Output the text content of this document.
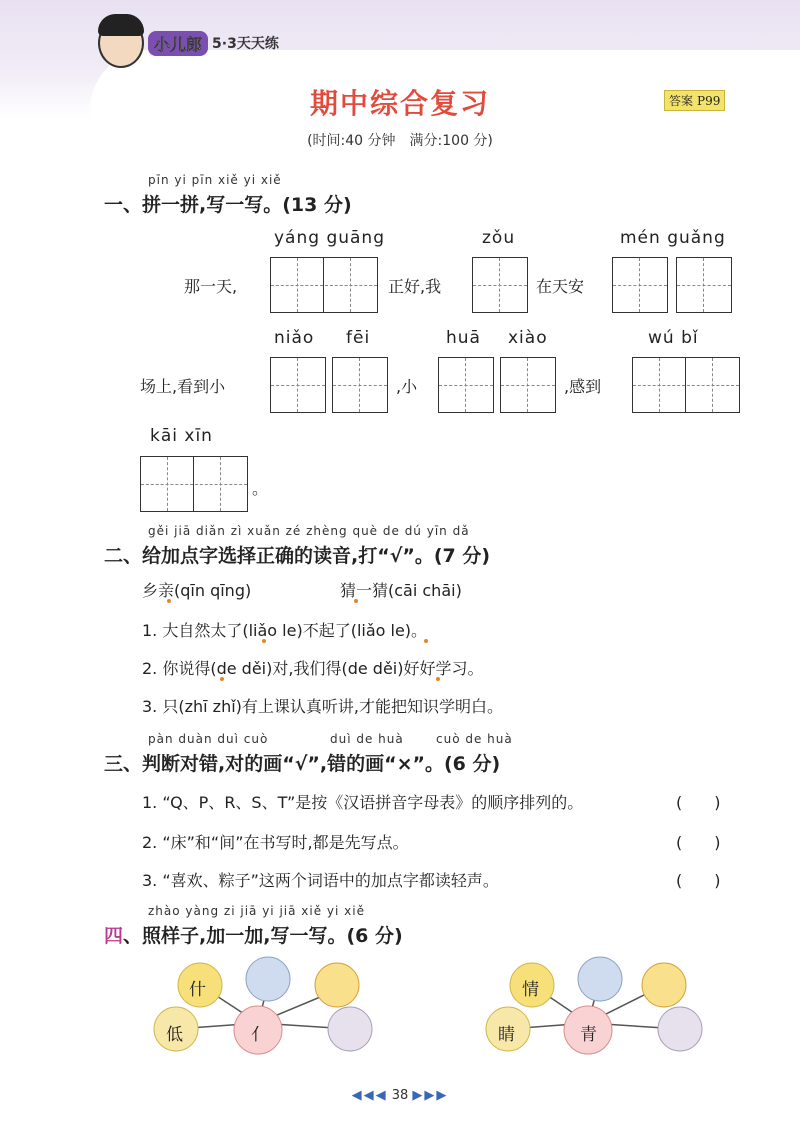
小儿郎 5·3天天练
期中综合复习	答案 P99
(时间:40 分钟　满分:100 分)
pīn yi pīn xiě yi xiě
一、拼一拼,写一写。(13 分)
yáng guāng	zǒu	mén guǎng
那一天,	正好,我	在天安
niǎo fēi	huā xiào	wú bǐ
场上,看到小	,小	,感到
kāi xīn
。
gěi jiā diǎn zì xuǎn zé zhèng què de dú yīn dǎ
二、给加点字选择正确的读音,打“√”。(7 分)
乡亲(qīn qīng)	猜一猜(cāi chāi)
1. 大自然太了(liǎo le)不起了(liǎo le)。
2. 你说得(de děi)对,我们得(de děi)好好学习。
3. 只(zhī zhǐ)有上课认真听讲,才能把知识学明白。
pàn duàn duì cuò	duì de huà	cuò de huà
三、判断对错,对的画“√”,错的画“×”。(6 分)
1. “Q、P、R、S、T”是按《汉语拼音字母表》的顺序排列的。	(　　)
2. “床”和“间”在书写时,都是先写点。	(　　)
3. “喜欢、粽子”这两个词语中的加点字都读轻声。	(　　)
zhào yàng zi jiā yi jiā xiě yi xiě
四、照样子,加一加,写一写。(6 分)
什
低	亻
情
睛	青
◀◀◀ 38 ▶▶▶
